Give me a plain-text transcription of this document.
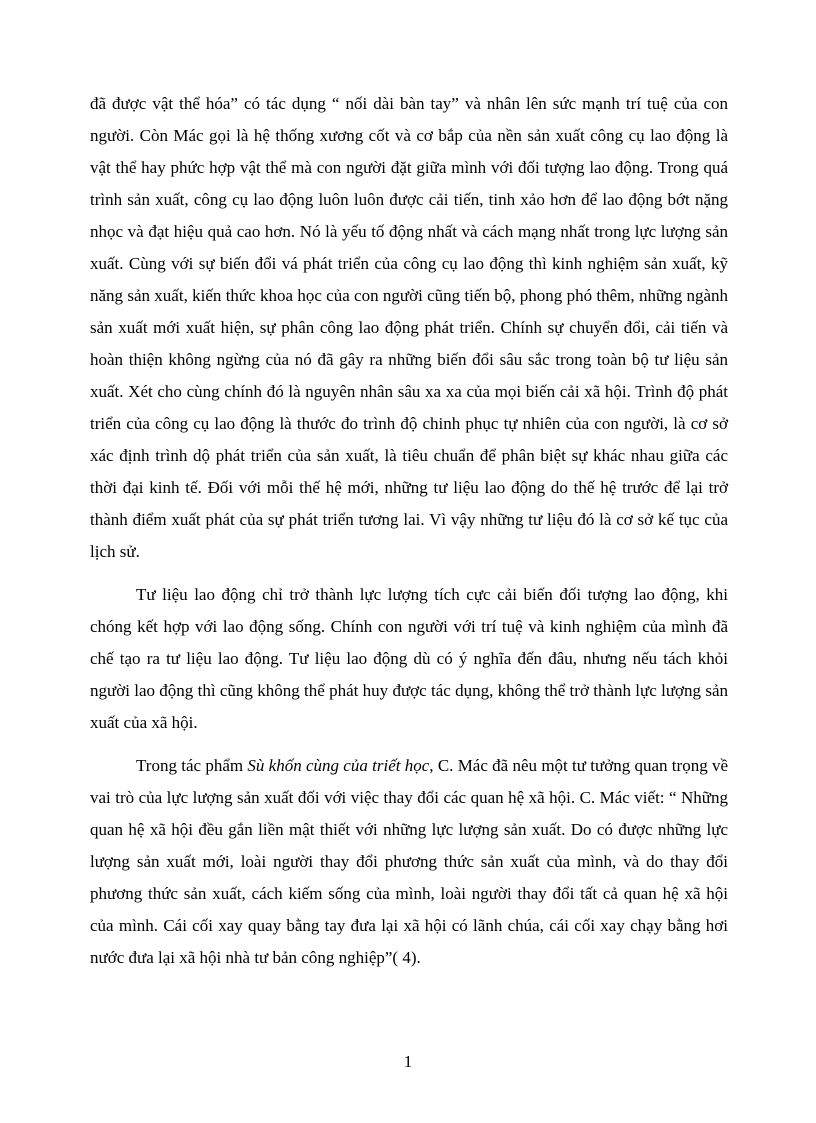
đã được vật thể hóa” có tác dụng “ nối dài bàn tay” và nhân lên sức mạnh trí tuệ của con người. Còn Mác gọi là hệ thống xương cốt và cơ bắp của nền sản xuất công cụ lao động là vật thể hay phức hợp vật thể mà con người đặt giữa mình với đối tượng lao động. Trong quá trình sản xuất, công cụ lao động luôn luôn được cải tiến, tinh xảo hơn để lao động bớt nặng nhọc và đạt hiệu quả cao hơn. Nó là yếu tố động nhất và cách mạng nhất trong lực lượng sản xuất. Cùng với sự biến đổi vá phát triển của công cụ lao động thì kinh nghiệm sản xuất, kỹ năng sản xuất, kiến thức khoa học của con người cũng tiến bộ, phong phó thêm, những ngành sản xuất mới xuất hiện, sự phân công lao động phát triển. Chính sự chuyển đổi, cải tiến và hoàn thiện không ngừng của nó đã gây ra những biến đổi sâu sắc trong toàn bộ tư liệu sản xuất. Xét cho cùng chính đó là nguyên nhân sâu xa xa của mọi biến cải xã hội. Trình độ phát triển của công cụ lao động là thước đo trình độ chinh phục tự nhiên của con người, là cơ sở xác định trình dộ phát triển của sản xuất, là tiêu chuẩn để phân biệt sự khác nhau giữa các thời đại kinh tế. Đối với mỗi thế hệ mới, những tư liệu lao động do thế hệ trước để lại trở thành điểm xuất phát của sự phát triển tương lai. Vì vậy những tư liệu đó là cơ sở kế tục của lịch sử.

Tư liệu lao động chỉ trở thành lực lượng tích cực cải biến đối tượng lao động, khi chóng kết hợp với lao động sống. Chính con người với trí tuệ và kinh nghiệm của mình đã chế tạo ra tư liệu lao động. Tư liệu lao động dù có ý nghĩa đến đâu, nhưng nếu tách khỏi người lao động thì cũng không thể phát huy được tác dụng, không thể trở thành lực lượng sản xuất của xã hội.

Trong tác phẩm Sù khốn cùng của triết học, C. Mác đã nêu một tư tưởng quan trọng về vai trò của lực lượng sản xuất đối với việc thay đổi các quan hệ xã hội. C. Mác viết: “ Những quan hệ xã hội đều gắn liền mật thiết với những lực lượng sản xuất. Do có được những lực lượng sản xuất mới, loài người thay đổi phương thức sản xuất của mình, và do thay đổi phương thức sản xuất, cách kiếm sống của mình, loài người thay đổi tất cả quan hệ xã hội của mình. Cái cối xay quay bằng tay đưa lại xã hội có lãnh chúa, cái cối xay chạy bằng hơi nước đưa lại xã hội nhà tư bản công nghiệp”( 4).

1
